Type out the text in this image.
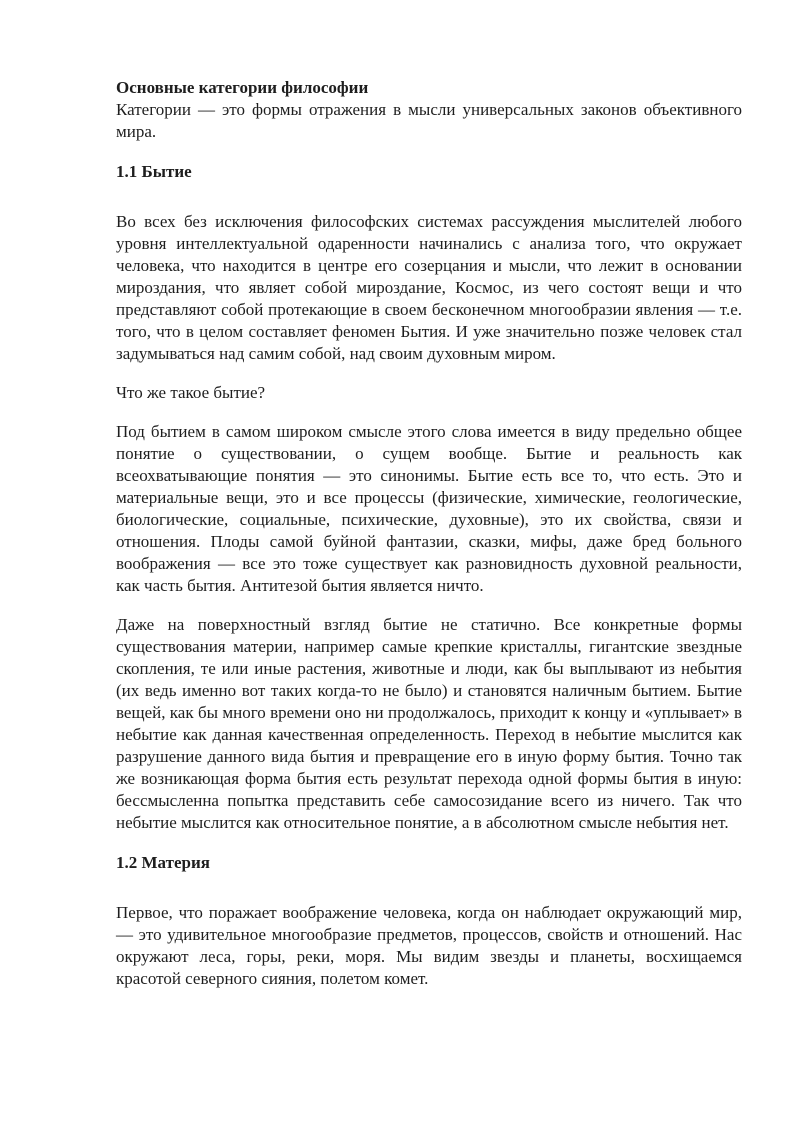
Основные категории философии

Категории — это формы отражения в мысли универсальных законов объективного мира.

1.1 Бытие

Во всех без исключения философских системах рассуждения мыслителей любого уровня интеллектуальной одаренности начинались с анализа того, что окружает человека, что находится в центре его созерцания и мысли, что лежит в основании мироздания, что являет собой мироздание, Космос, из чего состоят вещи и что представляют собой протекающие в своем бесконечном многообразии явления — т.е. того, что в целом составляет феномен Бытия. И уже значительно позже человек стал задумываться над самим собой, над своим духовным миром.

Что же такое бытие?

Под бытием в самом широком смысле этого слова имеется в виду предельно общее понятие о существовании, о сущем вообще. Бытие и реальность как всеохватывающие понятия — это синонимы. Бытие есть все то, что есть. Это и материальные вещи, это и все процессы (физические, химические, геологические, биологические, социальные, психические, духовные), это их свойства, связи и отношения. Плоды самой буйной фантазии, сказки, мифы, даже бред больного воображения — все это тоже существует как разновидность духовной реальности, как часть бытия. Антитезой бытия является ничто.

Даже на поверхностный взгляд бытие не статично. Все конкретные формы существования материи, например самые крепкие кристаллы, гигантские звездные скопления, те или иные растения, животные и люди, как бы выплывают из небытия (их ведь именно вот таких когда-то не было) и становятся наличным бытием. Бытие вещей, как бы много времени оно ни продолжалось, приходит к концу и «уплывает» в небытие как данная качественная определенность. Переход в небытие мыслится как разрушение данного вида бытия и превращение его в иную форму бытия. Точно так же возникающая форма бытия есть результат перехода одной формы бытия в иную: бессмысленна попытка представить себе самосозидание всего из ничего. Так что небытие мыслится как относительное понятие, а в абсолютном смысле небытия нет.

1.2 Материя

Первое, что поражает воображение человека, когда он наблюдает окружающий мир, — это удивительное многообразие предметов, процессов, свойств и отношений. Нас окружают леса, горы, реки, моря. Мы видим звезды и планеты, восхищаемся красотой северного сияния, полетом комет.
